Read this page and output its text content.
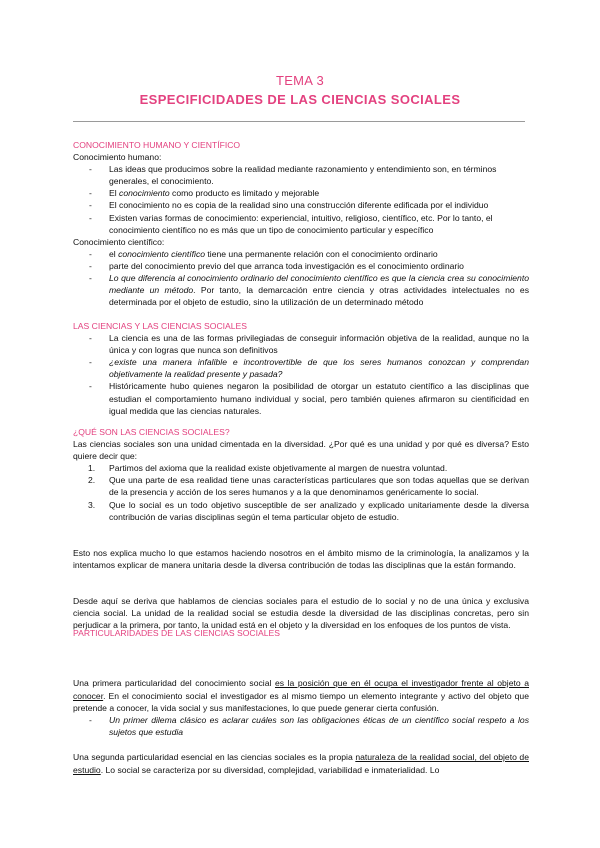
TEMA 3
ESPECIFICIDADES DE LAS CIENCIAS SOCIALES
CONOCIMIENTO HUMANO Y CIENTÍFICO
Conocimiento humano:
- Las ideas que producimos sobre la realidad mediante razonamiento y entendimiento son, en términos generales, el conocimiento.
- El conocimiento como producto es limitado y mejorable
- El conocimiento no es copia de la realidad sino una construcción diferente edificada por el individuo
- Existen varias formas de conocimiento: experiencial, intuitivo, religioso, científico, etc. Por lo tanto, el conocimiento científico no es más que un tipo de conocimiento particular y específico
Conocimiento científico:
- el conocimiento científico tiene una permanente relación con el conocimiento ordinario
- parte del conocimiento previo del que arranca toda investigación es el conocimiento ordinario
- Lo que diferencia al conocimiento ordinario del conocimiento científico es que la ciencia crea su conocimiento mediante un método. Por tanto, la demarcación entre ciencia y otras actividades intelectuales no es determinada por el objeto de estudio, sino la utilización de un determinado método
LAS CIENCIAS Y LAS CIENCIAS SOCIALES
- La ciencia es una de las formas privilegiadas de conseguir información objetiva de la realidad, aunque no la única y con logras que nunca son definitivos
- ¿existe una manera infalible e incontrovertible de que los seres humanos conozcan y comprendan objetivamente la realidad presente y pasada?
- Históricamente hubo quienes negaron la posibilidad de otorgar un estatuto científico a las disciplinas que estudian el comportamiento humano individual y social, pero también quienes afirmaron su cientificidad en igual medida que las ciencias naturales.
¿QUÉ SON LAS CIENCIAS SOCIALES?
Las ciencias sociales son una unidad cimentada en la diversidad. ¿Por qué es una unidad y por qué es diversa? Esto quiere decir que:
1. Partimos del axioma que la realidad existe objetivamente al margen de nuestra voluntad.
2. Que una parte de esa realidad tiene unas características particulares que son todas aquellas que se derivan de la presencia y acción de los seres humanos y a la que denominamos genéricamente lo social.
3. Que lo social es un todo objetivo susceptible de ser analizado y explicado unitariamente desde la diversa contribución de varias disciplinas según el tema particular objeto de estudio.
Esto nos explica mucho lo que estamos haciendo nosotros en el ámbito mismo de la criminología, la analizamos y la intentamos explicar de manera unitaria desde la diversa contribución de todas las disciplinas que la están formando.
Desde aquí se deriva que hablamos de ciencias sociales para el estudio de lo social y no de una única y exclusiva ciencia social. La unidad de la realidad social se estudia desde la diversidad de las disciplinas concretas, pero sin perjudicar a la primera, por tanto, la unidad está en el objeto y la diversidad en los enfoques de los puntos de vista.
PARTICULARIDADES DE LAS CIENCIAS SOCIALES
Una primera particularidad del conocimiento social es la posición que en él ocupa el investigador frente al objeto a conocer. En el conocimiento social el investigador es al mismo tiempo un elemento integrante y activo del objeto que pretende a conocer, la vida social y sus manifestaciones, lo que puede generar cierta confusión.
- Un primer dilema clásico es aclarar cuáles son las obligaciones éticas de un científico social respeto a los sujetos que estudia
Una segunda particularidad esencial en las ciencias sociales es la propia naturaleza de la realidad social, del objeto de estudio. Lo social se caracteriza por su diversidad, complejidad, variabilidad e inmaterialidad. Lo
